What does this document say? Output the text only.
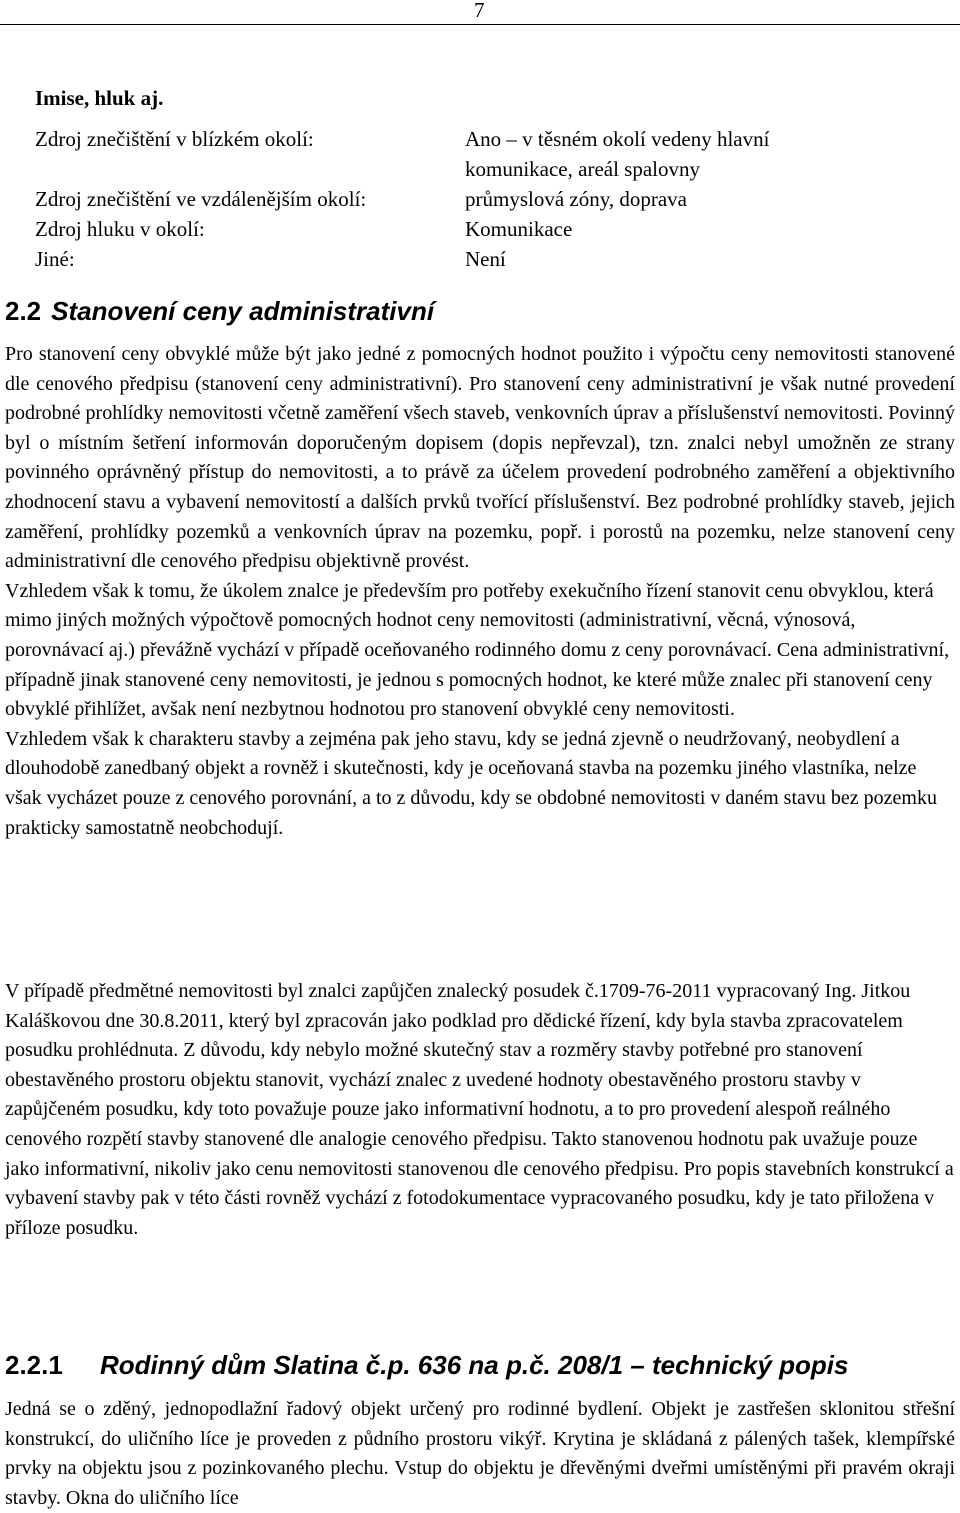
7
Imise, hluk aj.
Zdroj znečištění v blízkém okolí:	Ano – v těsném okolí vedeny hlavní
komunikace, areál spalovny
Zdroj znečištění ve vzdálenějším okolí:	průmyslová zóny, doprava
Zdroj hluku v okolí:	Komunikace
Jiné:	Není
2.2 Stanovení ceny administrativní

Pro stanovení ceny obvyklé může být jako jedné z pomocných hodnot použito i výpočtu ceny nemovitosti stanovené dle cenového předpisu (stanovení ceny administrativní). Pro stanovení ceny administrativní je však nutné provedení podrobné prohlídky nemovitosti včetně zaměření všech staveb, venkovních úprav a příslušenství nemovitosti. Povinný byl o místním šetření informován doporučeným dopisem (dopis nepřevzal), tzn. znalci nebyl umožněn ze strany povinného oprávněný přístup do nemovitosti, a to právě za účelem provedení podrobného zaměření a objektivního zhodnocení stavu a vybavení nemovitostí a dalších prvků tvořící příslušenství. Bez podrobné prohlídky staveb, jejich zaměření, prohlídky pozemků a venkovních úprav na pozemku, popř. i porostů na pozemku, nelze stanovení ceny administrativní dle cenového předpisu objektivně provést.

Vzhledem však k tomu, že úkolem znalce je především pro potřeby exekučního řízení stanovit cenu obvyklou, která mimo jiných možných výpočtově pomocných hodnot ceny nemovitosti (administrativní, věcná, výnosová, porovnávací aj.) převážně vychází v případě oceňovaného rodinného domu z ceny porovnávací. Cena administrativní, případně jinak stanovené ceny nemovitosti, je jednou s pomocných hodnot, ke které může znalec při stanovení ceny obvyklé přihlížet, avšak není nezbytnou hodnotou pro stanovení obvyklé ceny nemovitosti.

Vzhledem však k charakteru stavby a zejména pak jeho stavu, kdy se jedná zjevně o neudržovaný, neobydlení a dlouhodobě zanedbaný objekt a rovněž i skutečnosti, kdy je oceňovaná stavba na pozemku jiného vlastníka, nelze však vycházet pouze z cenového porovnání, a to z důvodu, kdy se obdobné nemovitosti v daném stavu bez pozemku prakticky samostatně neobchodují.

V případě předmětné nemovitosti byl znalci zapůjčen znalecký posudek č.1709-76-2011 vypracovaný Ing. Jitkou Kaláškovou dne 30.8.2011, který byl zpracován jako podklad pro dědické řízení, kdy byla stavba zpracovatelem posudku prohlédnuta. Z důvodu, kdy nebylo možné skutečný stav a rozměry stavby potřebné pro stanovení obestavěného prostoru objektu stanovit, vychází znalec z uvedené hodnoty obestavěného prostoru stavby v zapůjčeném posudku, kdy toto považuje pouze jako informativní hodnotu, a to pro provedení alespoň reálného cenového rozpětí stavby stanovené dle analogie cenového předpisu. Takto stanovenou hodnotu pak uvažuje pouze jako informativní, nikoliv jako cenu nemovitosti stanovenou dle cenového předpisu. Pro popis stavebních konstrukcí a vybavení stavby pak v této části rovněž vychází z fotodokumentace vypracovaného posudku, kdy je tato přiložena v příloze posudku.

2.2.1 Rodinný dům Slatina č.p. 636 na p.č. 208/1 – technický popis

Jedná se o zděný, jednopodlažní řadový objekt určený pro rodinné bydlení. Objekt je zastřešen sklonitou střešní konstrukcí, do uličního líce je proveden z půdního prostoru vikýř. Krytina je skládaná z pálených tašek, klempířské prvky na objektu jsou z pozinkovaného plechu. Vstup do objektu je dřevěnými dveřmi umístěnými při pravém okraji stavby. Okna do uličního líce
